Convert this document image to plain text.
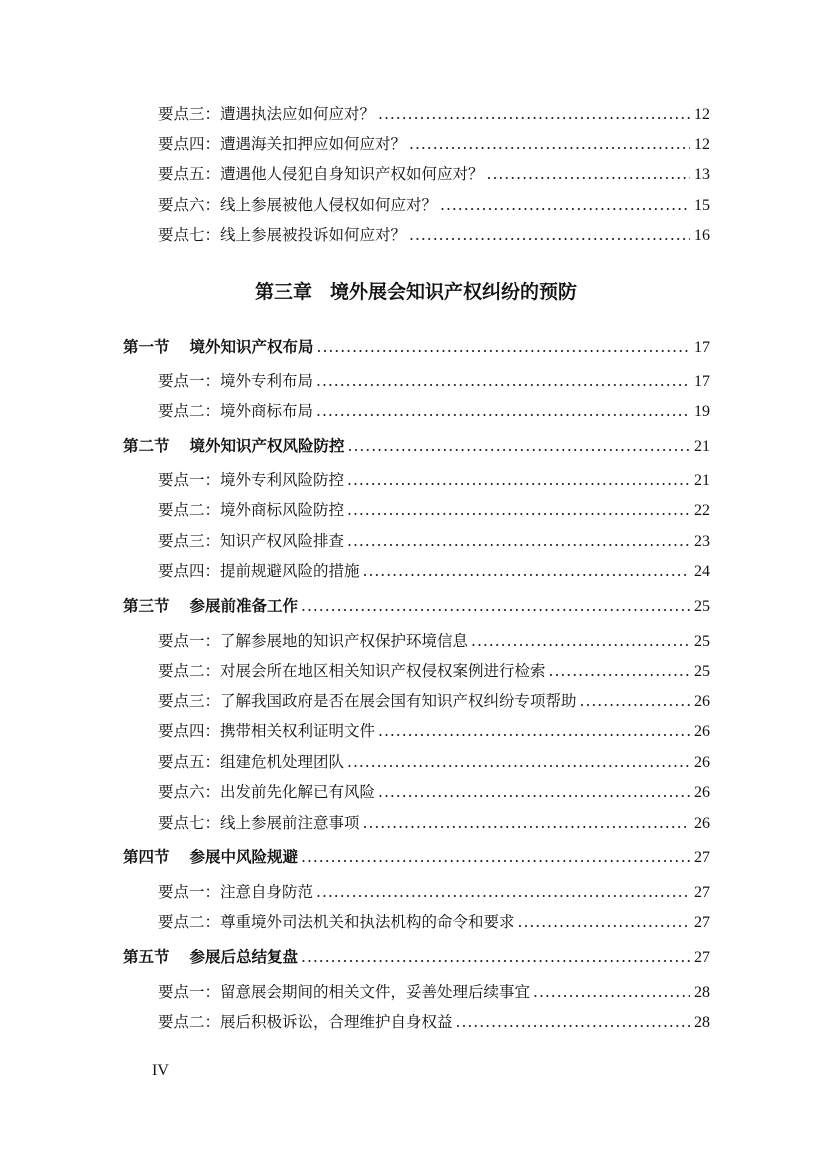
要点三：遭遇执法应如何应对？ .....	12
要点四：遭遇海关扣押应如何应对？ .....	12
要点五：遭遇他人侵犯自身知识产权如何应对？ .....	13
要点六：线上参展被他人侵权如何应对？ .....	15
要点七：线上参展被投诉如何应对？ .....	16
第三章 境外展会知识产权纠纷的预防
第一节 境外知识产权布局 .....	17
要点一：境外专利布局 .....	17
要点二：境外商标布局 .....	19
第二节 境外知识产权风险防控 .....	21
要点一：境外专利风险防控 .....	21
要点二：境外商标风险防控 .....	22
要点三：知识产权风险排查 .....	23
要点四：提前规避风险的措施 .....	24
第三节 参展前准备工作 .....	25
要点一：了解参展地的知识产权保护环境信息 .....	25
要点二：对展会所在地区相关知识产权侵权案例进行检索 .....	25
要点三：了解我国政府是否在展会国有知识产权纠纷专项帮助 .....	26
要点四：携带相关权利证明文件 .....	26
要点五：组建危机处理团队 .....	26
要点六：出发前先化解已有风险 .....	26
要点七：线上参展前注意事项 .....	26
第四节 参展中风险规避 .....	27
要点一：注意自身防范 .....	27
要点二：尊重境外司法机关和执法机构的命令和要求 .....	27
第五节 参展后总结复盘 .....	27
要点一：留意展会期间的相关文件，妥善处理后续事宜 .....	28
要点二：展后积极诉讼，合理维护自身权益 .....	28
IV
